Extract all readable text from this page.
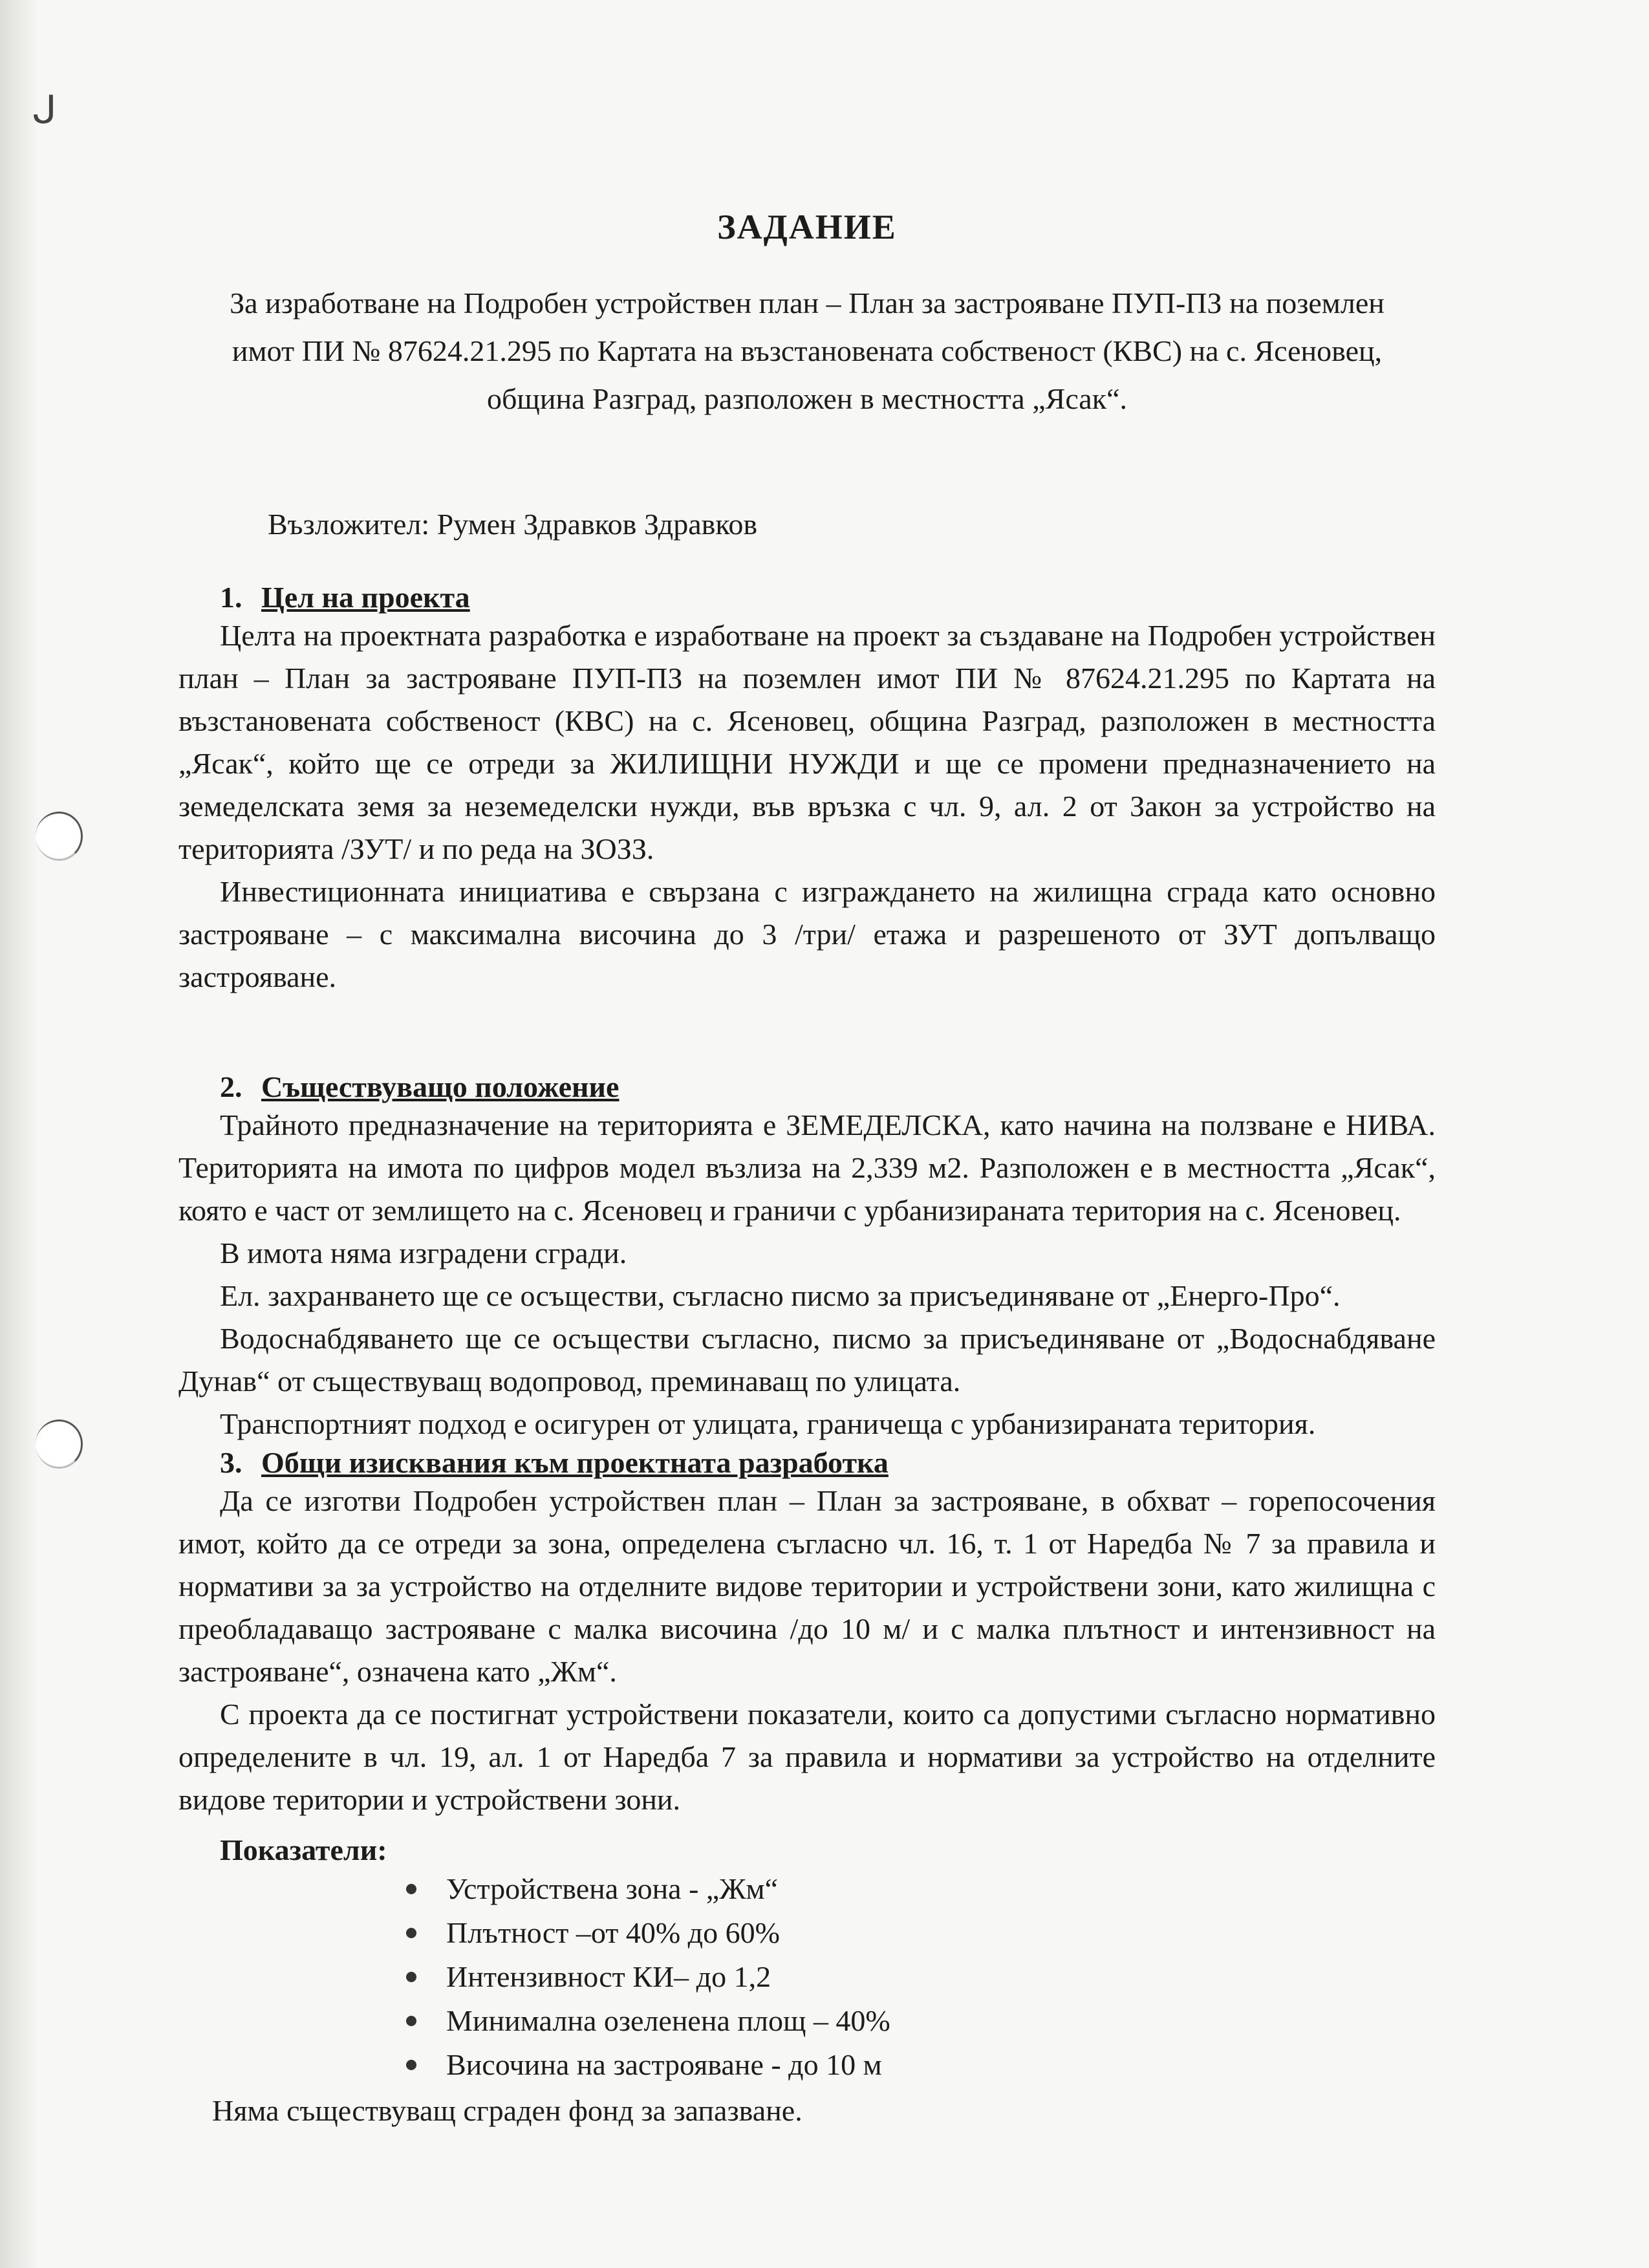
ᒍ
ЗАДАНИЕ
За изработване на Подробен устройствен план – План за застрояване ПУП-ПЗ на поземлен имот ПИ № 87624.21.295 по Картата на възстановената собственост (КВС) на с. Ясеновец, община Разград, разположен в местността „Ясак“.
Възложител: Румен Здравков Здравков
1. Цел на проекта

Целта на проектната разработка е изработване на проект за създаване на Подробен устройствен план – План за застрояване ПУП-ПЗ на поземлен имот ПИ № 87624.21.295 по Картата на възстановената собственост (КВС) на с. Ясеновец, община Разград, разположен в местността „Ясак“, който ще се отреди за ЖИЛИЩНИ НУЖДИ и ще се промени предназначението на земеделската земя за неземеделски нужди, във връзка с чл. 9, ал. 2 от Закон за устройство на територията /ЗУТ/ и по реда на ЗОЗЗ.

Инвестиционната инициатива е свързана с изграждането на жилищна сграда като основно застрояване – с максимална височина до 3 /три/ етажа и разрешеното от ЗУТ допълващо застрояване.

2. Съществуващо положение

Трайното предназначение на територията е ЗЕМЕДЕЛСКА, като начина на ползване е НИВА. Територията на имота по цифров модел възлиза на 2,339 м2. Разположен е в местността „Ясак“, която е част от землището на с. Ясеновец и граничи с урбанизираната територия на с. Ясеновец.

В имота няма изградени сгради.

Ел. захранването ще се осъществи, съгласно писмо за присъединяване от „Енерго-Про“.

Водоснабдяването ще се осъществи съгласно, писмо за присъединяване от „Водоснабдяване Дунав“ от съществуващ водопровод, преминаващ по улицата.

Транспортният подход е осигурен от улицата, граничеща с урбанизираната територия.

3. Общи изисквания към проектната разработка

Да се изготви Подробен устройствен план – План за застрояване, в обхват – горепосочения имот, който да се отреди за зона, определена съгласно чл. 16, т. 1 от Наредба № 7 за правила и нормативи за за устройство на отделните видове територии и устройствени зони, като жилищна с преобладаващо застрояване с малка височина /до 10 м/ и с малка плътност и интензивност на застрояване“, означена като „Жм“.

С проекта да се постигнат устройствени показатели, които са допустими съгласно нормативно определените в чл. 19, ал. 1 от Наредба 7 за правила и нормативи за устройство на отделните видове територии и устройствени зони.

Показатели:
Устройствена зона - „Жм“
Плътност –от 40% до 60%
Интензивност КИ– до 1,2
Минимална озеленена площ – 40%
Височина на застрояване - до 10 м
Няма съществуващ сграден фонд за запазване.
